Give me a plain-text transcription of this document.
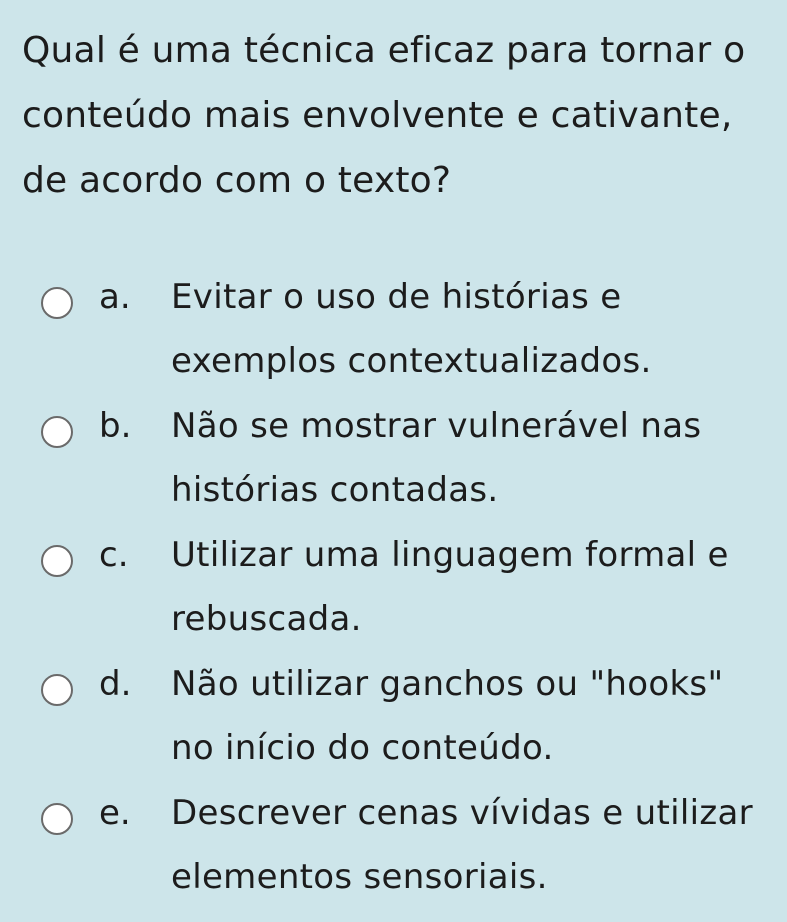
Qual é uma técnica eficaz para tornar o conteúdo mais envolvente e cativante, de acordo com o texto?
a. Evitar o uso de histórias e exemplos contextualizados.
b. Não se mostrar vulnerável nas histórias contadas.
c. Utilizar uma linguagem formal e rebuscada.
d. Não utilizar ganchos ou "hooks" no início do conteúdo.
e. Descrever cenas vívidas e utilizar elementos sensoriais.
